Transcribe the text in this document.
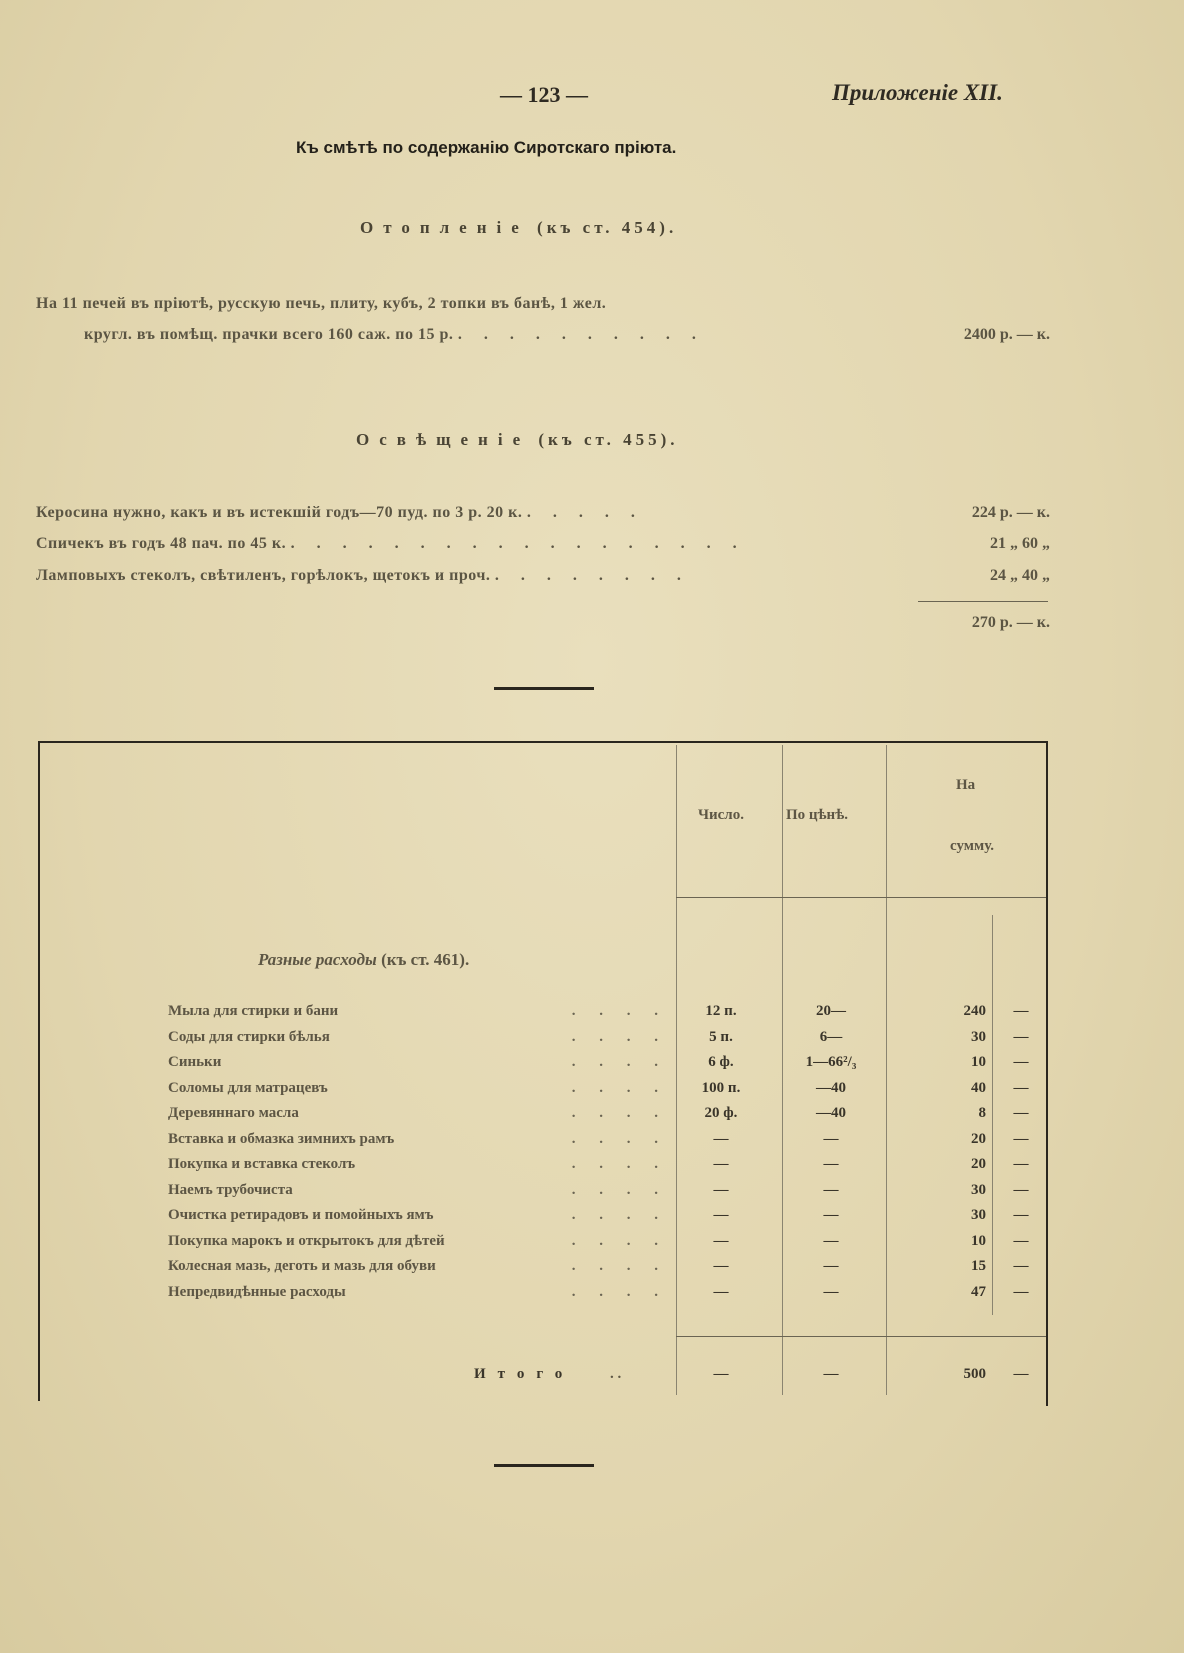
— 123 —	Приложеніе XII.
Къ смѣтѣ по содержанію Сиротскаго пріюта.
Отопленіе (къ ст. 454).
На 11 печей въ пріютѣ, русскую печь, плиту, кубъ, 2 топки въ банѣ, 1 жел.
кругл. въ помѣщ. прачки всего 160 саж. по 15 р. . . . . . . . . . .	2400 р. — к.
Освѣщеніе (къ ст. 455).
Керосина нужно, какъ и въ истекшій годъ—70 пуд. по 3 р. 20 к. . . . . .	224 р. — к.
Спичекъ въ годъ 48 пач. по 45 к. . . . . . . . . . . . . . . . . . .	21 „ 60 „
Ламповыхъ стеколъ, свѣтиленъ, горѣлокъ, щетокъ и проч. . . . . . . . .	24 „ 40 „
270 р. — к.
Число.	По цѣнѣ.
На
сумму.
Разные расходы (къ ст. 461).
Мыла для стирки и бани	. . . .	12 п.	20—	240	—
Соды для стирки бѣлья	. . . .	5 п.	6—	30	—
Синьки	. . . .	6 ф.	1—66²/₃	10	—
Соломы для матрацевъ	. . . .	100 п.	—40	40	—
Деревяннаго масла	. . . .	20 ф.	—40	8	—
Вставка и обмазка зимнихъ рамъ	. . . .	—	—	20	—
Покупка и вставка стеколъ	. . . .	—	—	20	—
Наемъ трубочиста	. . . .	—	—	30	—
Очистка ретирадовъ и помойныхъ ямъ	. . . .	—	—	30	—
Покупка марокъ и открытокъ для дѣтей	. . . .	—	—	10	—
Колесная мазь, деготь и мазь для обуви	. . . .	—	—	15	—
Непредвидѣнные расходы	. . . .	—	—	47	—
Итого . .	—	—	500	—
